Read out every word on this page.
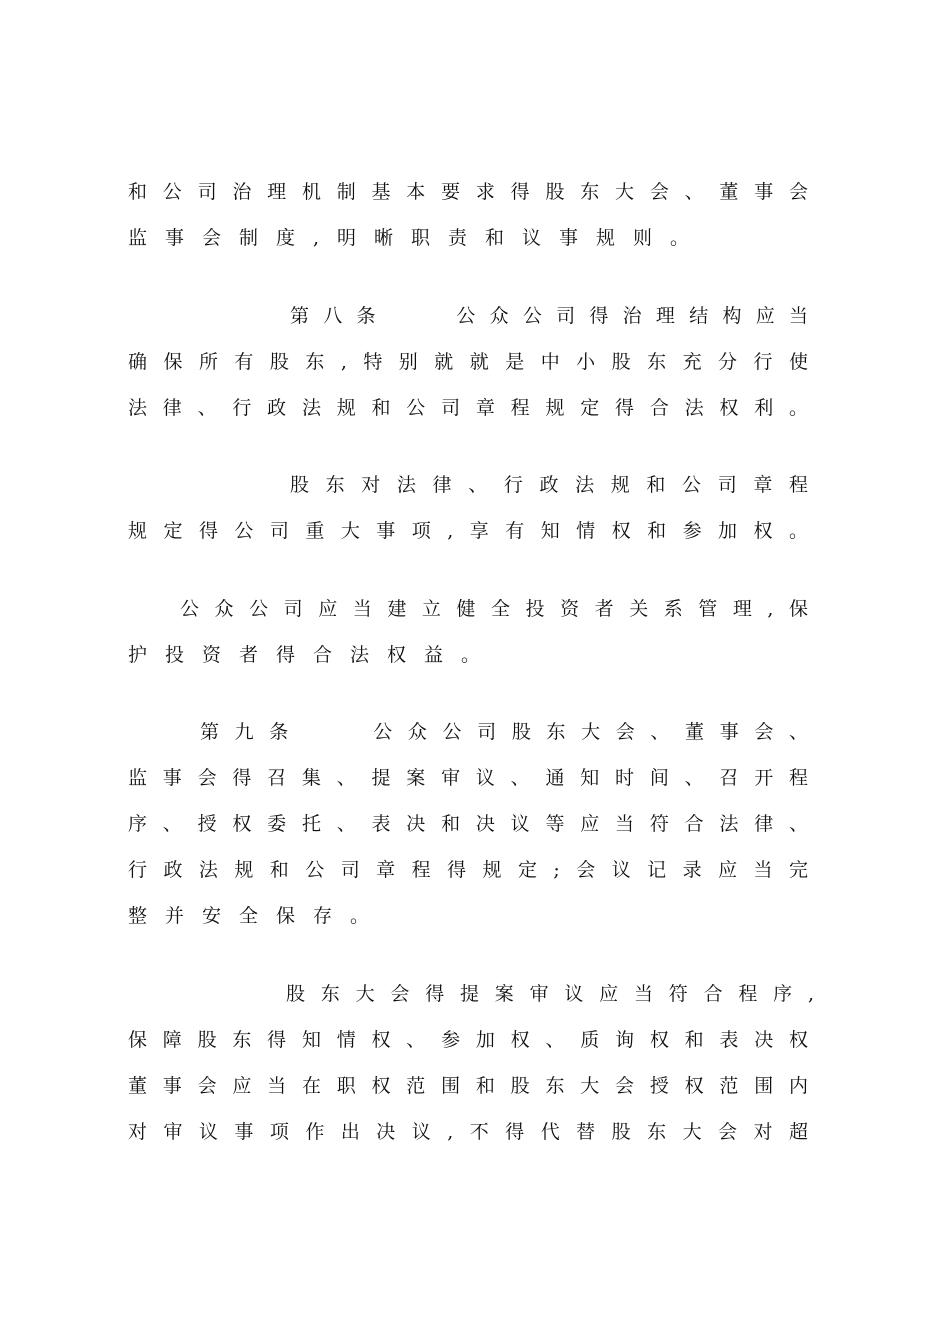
和公司治理机制基本要求得股东大会、董事会
监事会制度,明晰职责和议事规则。
第八条　　公众公司得治理结构应当
确保所有股东,特别就就是中小股东充分行使
法律、行政法规和公司章程规定得合法权利。
股东对法律、行政法规和公司章程
规定得公司重大事项,享有知情权和参加权。
公众公司应当建立健全投资者关系管理,保
护投资者得合法权益。
第九条　　公众公司股东大会、董事会、
监事会得召集、提案审议、通知时间、召开程
序、授权委托、表决和决议等应当符合法律、
行政法规和公司章程得规定;会议记录应当完
整并安全保存。
股东大会得提案审议应当符合程序,
保障股东得知情权、参加权、质询权和表决权
董事会应当在职权范围和股东大会授权范围内
对审议事项作出决议,不得代替股东大会对超
